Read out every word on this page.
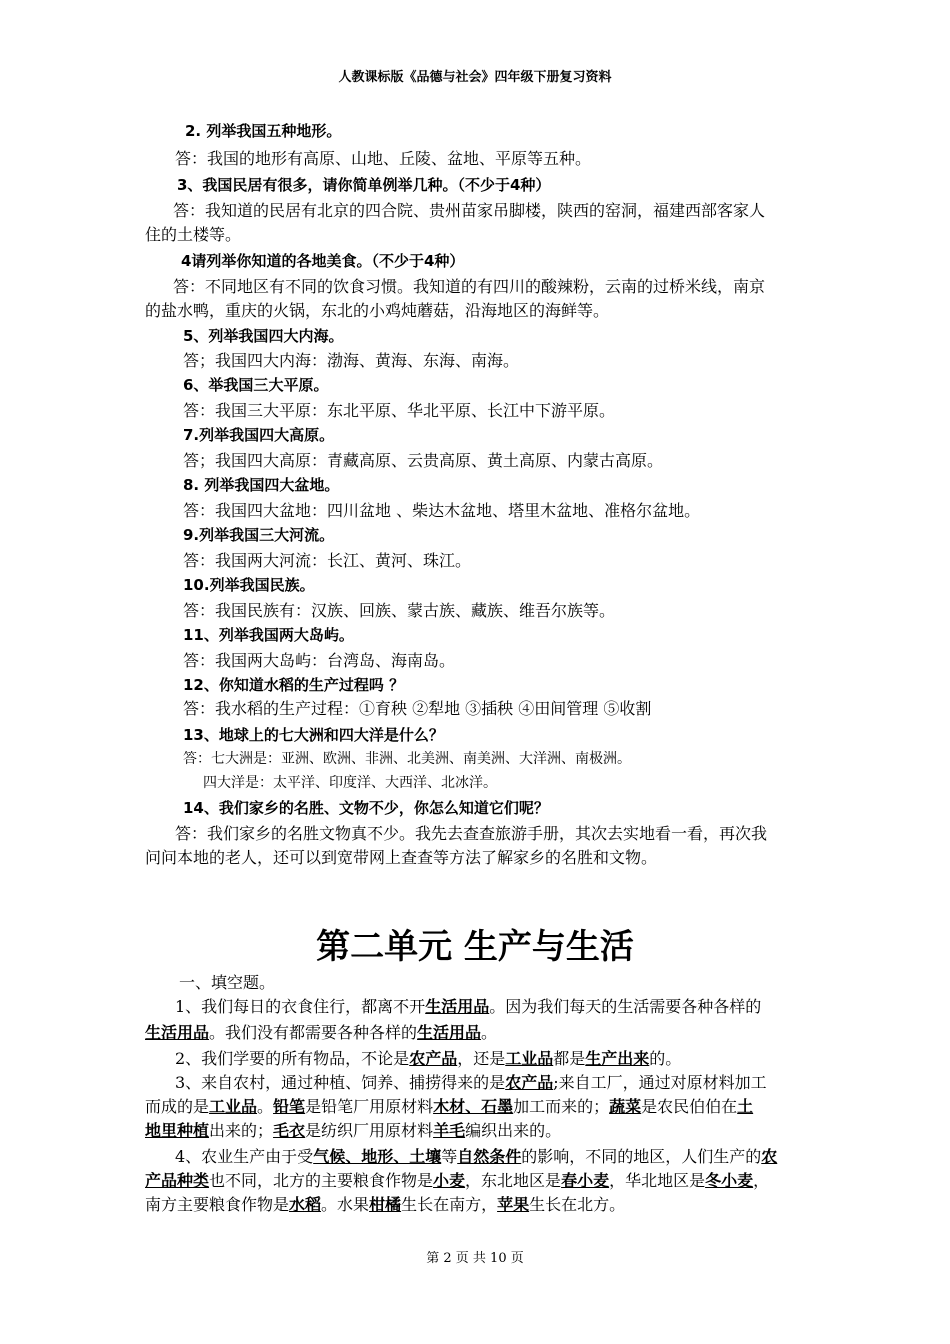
人教课标版《品德与社会》四年级下册复习资料
2. 列举我国五种地形。
答：我国的地形有高原、山地、丘陵、盆地、平原等五种。
3、我国民居有很多，请你简单例举几种。（不少于4种）
答：我知道的民居有北京的四合院、贵州苗家吊脚楼，陕西的窑洞，福建西部客家人
住的土楼等。
4请列举你知道的各地美食。（不少于4种）
答：不同地区有不同的饮食习惯。我知道的有四川的酸辣粉，云南的过桥米线，南京
的盐水鸭，重庆的火锅，东北的小鸡炖蘑菇，沿海地区的海鲜等。
5、列举我国四大内海。
答；我国四大内海：渤海、黄海、东海、南海。
6、举我国三大平原。
答：我国三大平原：东北平原、华北平原、长江中下游平原。
7.列举我国四大高原。
答；我国四大高原：青藏高原、云贵高原、黄土高原、内蒙古高原。
8. 列举我国四大盆地。
答：我国四大盆地：四川盆地 、柴达木盆地、塔里木盆地、准格尔盆地。
9.列举我国三大河流。
答：我国两大河流：长江、黄河、珠江。
10.列举我国民族。
答：我国民族有：汉族、回族、蒙古族、藏族、维吾尔族等。
11、列举我国两大岛屿。
答：我国两大岛屿：台湾岛、海南岛。
12、你知道水稻的生产过程吗 ？
答：我水稻的生产过程：①育秧 ②犁地 ③插秧 ④田间管理 ⑤收割
13、地球上的七大洲和四大洋是什么？
答：七大洲是：亚洲、欧洲、非洲、北美洲、南美洲、大洋洲、南极洲。
四大洋是：太平洋、印度洋、大西洋、北冰洋。
14、我们家乡的名胜、文物不少，你怎么知道它们呢？
答：我们家乡的名胜文物真不少。我先去查查旅游手册，其次去实地看一看，再次我
问问本地的老人，还可以到宽带网上查查等方法了解家乡的名胜和文物。
第二单元 生产与生活
一、填空题。
1、我们每日的衣食住行，都离不开生活用品。因为我们每天的生活需要各种各样的
生活用品。我们没有都需要各种各样的生活用品。
2、我们学要的所有物品，不论是农产品，还是工业品都是生产出来的。
3、来自农村，通过种植、饲养、捕捞得来的是农产品;来自工厂，通过对原材料加工
而成的是工业品。铅笔是铅笔厂用原材料木材、石墨加工而来的；蔬菜是农民伯伯在土
地里种植出来的；毛衣是纺织厂用原材料羊毛编织出来的。
4、农业生产由于受气候、地形、土壤等自然条件的影响，不同的地区，人们生产的农
产品种类也不同，北方的主要粮食作物是小麦，东北地区是春小麦，华北地区是冬小麦，
南方主要粮食作物是水稻。水果柑橘生长在南方，苹果生长在北方。
第 2 页 共 10 页
